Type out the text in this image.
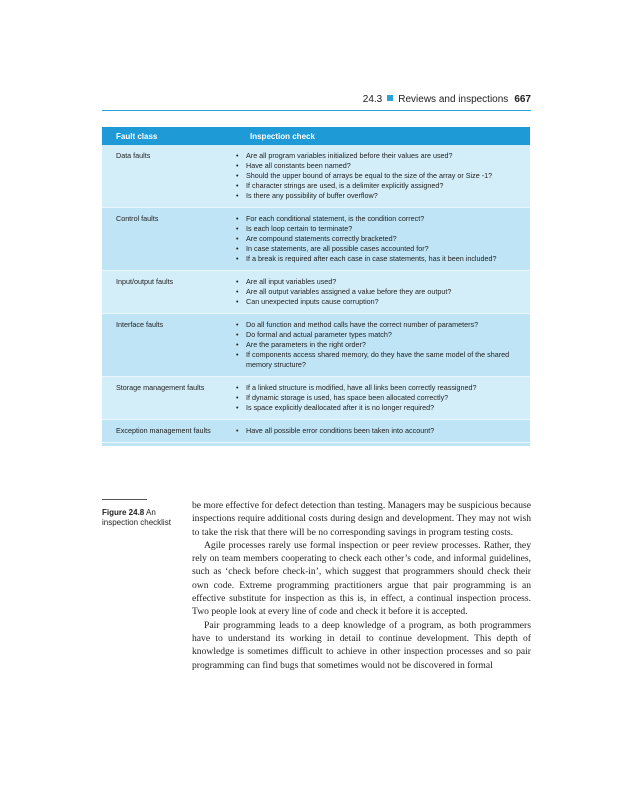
24.3 Reviews and inspections 667
Fault class	Inspection check
Data faults	• Are all program variables initialized before their values are used?
• Have all constants been named?
• Should the upper bound of arrays be equal to the size of the array or Size -1?
• If character strings are used, is a delimiter explicitly assigned?
• Is there any possibility of buffer overflow?
Control faults	• For each conditional statement, is the condition correct?
• Is each loop certain to terminate?
• Are compound statements correctly bracketed?
• In case statements, are all possible cases accounted for?
• If a break is required after each case in case statements, has it been included?
Input/output faults	• Are all input variables used?
• Are all output variables assigned a value before they are output?
• Can unexpected inputs cause corruption?
Interface faults	• Do all function and method calls have the correct number of parameters?
• Do formal and actual parameter types match?
• Are the parameters in the right order?
• If components access shared memory, do they have the same model of the shared memory structure?
Storage management faults	• If a linked structure is modified, have all links been correctly reassigned?
• If dynamic storage is used, has space been allocated correctly?
• Is space explicitly deallocated after it is no longer required?
Exception management faults	• Have all possible error conditions been taken into account?
Figure 24.8 An inspection checklist

be more effective for defect detection than testing. Managers may be suspicious because inspections require additional costs during design and development. They may not wish to take the risk that there will be no corresponding savings in program testing costs.

Agile processes rarely use formal inspection or peer review processes. Rather, they rely on team members cooperating to check each other’s code, and informal guidelines, such as ‘check before check-in’, which suggest that programmers should check their own code. Extreme programming practitioners argue that pair programming is an effective substitute for inspection as this is, in effect, a continual inspection process. Two people look at every line of code and check it before it is accepted.

Pair programming leads to a deep knowledge of a program, as both programmers have to understand its working in detail to continue development. This depth of knowledge is sometimes difficult to achieve in other inspection processes and so pair programming can find bugs that sometimes would not be discovered in formal
